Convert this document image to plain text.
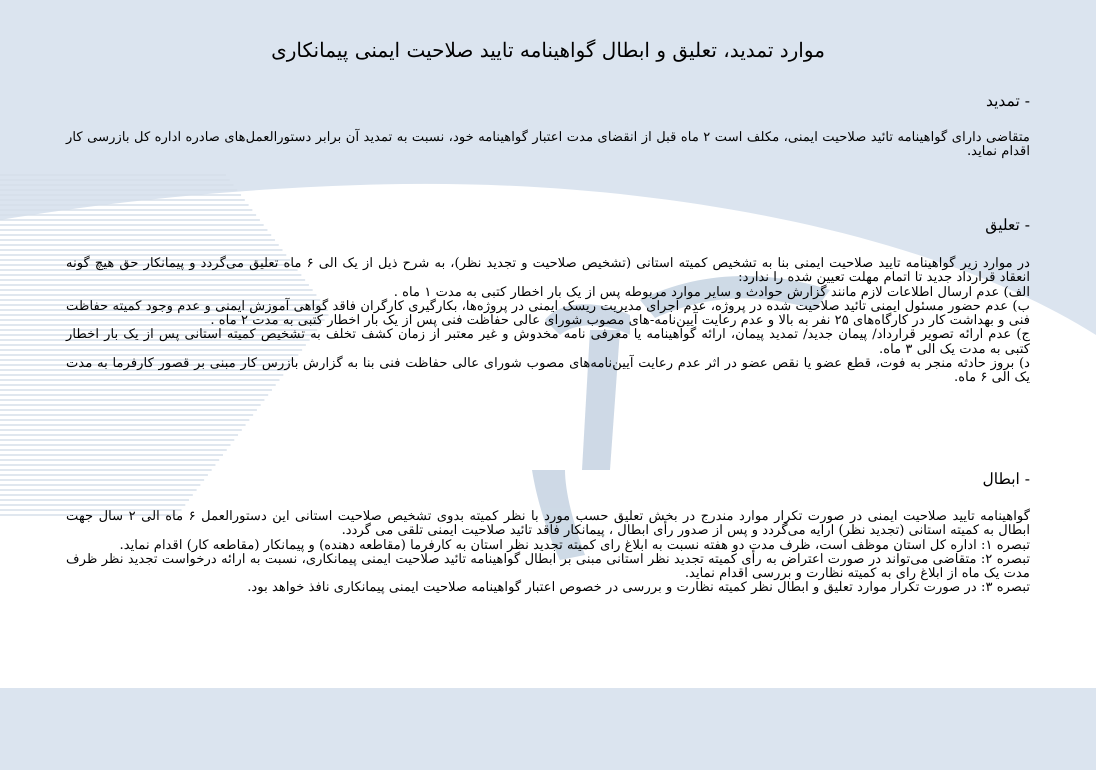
موارد تمدید، تعلیق و ابطال گواهینامه تایید صلاحیت ایمنی پیمانکاری
- تمدید

متقاضی دارای گواهینامه تائید صلاحیت ایمنی، مکلف است ۲ ماه قبل از انقضای مدت اعتبار گواهینامه خود، نسبت به تمدید آن برابر دستورالعمل‌های صادره اداره کل بازرسی کار اقدام نماید.

- تعلیق

در موارد زیر گواهینامه تایید صلاحیت ایمنی بنا به تشخیص کمیته استانی (تشخیص صلاحیت و تجدید نظر)، به شرح ذیل از یک الی ۶ ماه تعلیق می‌گردد و پیمانکار حق هیچ گونه انعقاد قرارداد جدید تا اتمام مهلت تعیین شده را ندارد:

الف) عدم ارسال اطلاعات لازم مانند گزارش حوادث و سایر موارد مربوطه پس از یک بار اخطار کتبی به مدت ۱ ماه .

ب) عدم حضور مسئول ایمنی تائید صلاحیت شده در پروژه، عدم اجرای مدیریت ریسک ایمنی در پروژه‌ها، بکارگیری کارگران فاقد گواهی آموزش ایمنی و عدم وجود کمیته حفاظت فنی و بهداشت کار در کارگاه‌های ۲۵ نفر به بالا و عدم رعایت آیین‌نامه-های مصوب شورای عالی حفاظت فنی پس از یک بار اخطار کتبی به مدت ۲ ماه .

ج) عدم ارائه تصویر قرارداد/ پیمان جدید/ تمدید پیمان، ارائه گواهینامه یا معرفی نامه مخدوش و غیر معتبر از زمان کشف تخلف به تشخیص کمیته استانی پس از یک بار اخطار کتبی به مدت یک الی ۳ ماه.

د) بروز حادثه منجر به فوت، قطع عضو یا نقص عضو در اثر عدم رعایت آیین‌نامه‌های مصوب شورای عالی حفاظت فنی بنا به گزارش بازرس کار مبنی بر قصور کارفرما به مدت یک الی ۶ ماه.

- ابطال

گواهینامه تایید صلاحیت ایمنی در صورت تکرار موارد مندرج در بخش تعلیق حسب مورد با نظر کمیته بدوی تشخیص صلاحیت استانی این دستورالعمل ۶ ماه الی ۲ سال جهت ابطال به کمیته استانی (تجدید نظر) ارایه می‌گردد و پس از صدور رأی ابطال ، پیمانکار فاقد تائید صلاحیت ایمنی تلقی می گردد.

تبصره ۱: اداره کل استان موظف است، ظرف مدت دو هفته نسبت به ابلاغ رای کمیته تجدید نظر استان به کارفرما (مقاطعه دهنده) و پیمانکار (مقاطعه کار) اقدام نماید.

تبصره ۲: متقاضی می‌تواند در صورت اعتراض به رأی کمیته تجدید نظر استانی مبنی بر ابطال گواهینامه تائید صلاحیت ایمنی پیمانکاری، نسبت به ارائه درخواست تجدید نظر ظرف مدت یک ماه از ابلاغ رای به کمیته نظارت و بررسی اقدام نماید.

تبصره ۳: در صورت تکرار موارد تعلیق و ابطال نظر کمیته نظارت و بررسی در خصوص اعتبار گواهینامه صلاحیت ایمنی پیمانکاری نافذ خواهد بود.
